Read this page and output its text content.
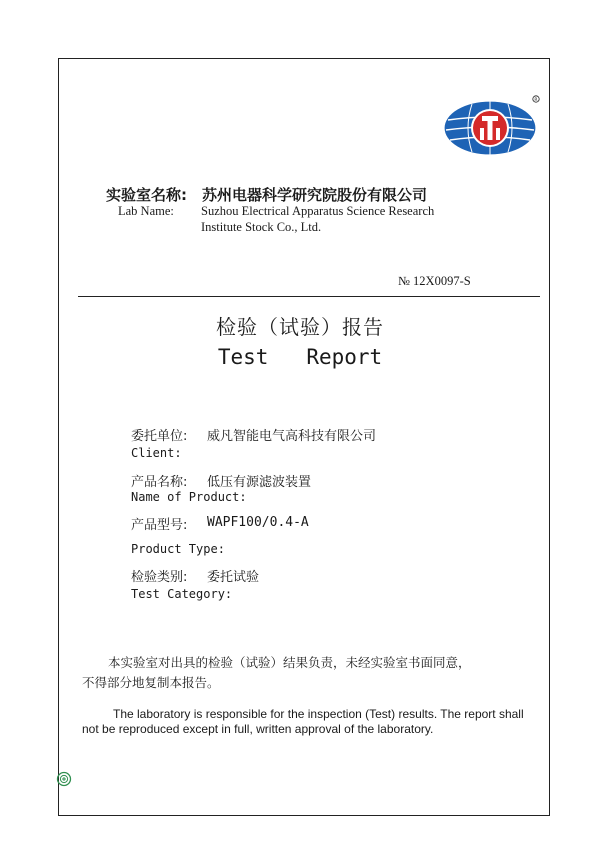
R
实验室名称: 苏州电器科学研究院股份有限公司
Lab Name: Suzhou Electrical Apparatus Science Research
Institute Stock Co., Ltd.
№ 12X0097-S
检验（试验）报告
Test   Report
委托单位: 威凡智能电气高科技有限公司
Client:
产品名称: 低压有源滤波装置
Name of Product:
产品型号: WAPF100/0.4-A
Product Type:
检验类别: 委托试验
Test Category:
本实验室对出具的检验（试验）结果负责，未经实验室书面同意，
不得部分地复制本报告。
The laboratory is responsible for the inspection (Test) results. The report shall
not be reproduced except in full, written approval of the laboratory.
